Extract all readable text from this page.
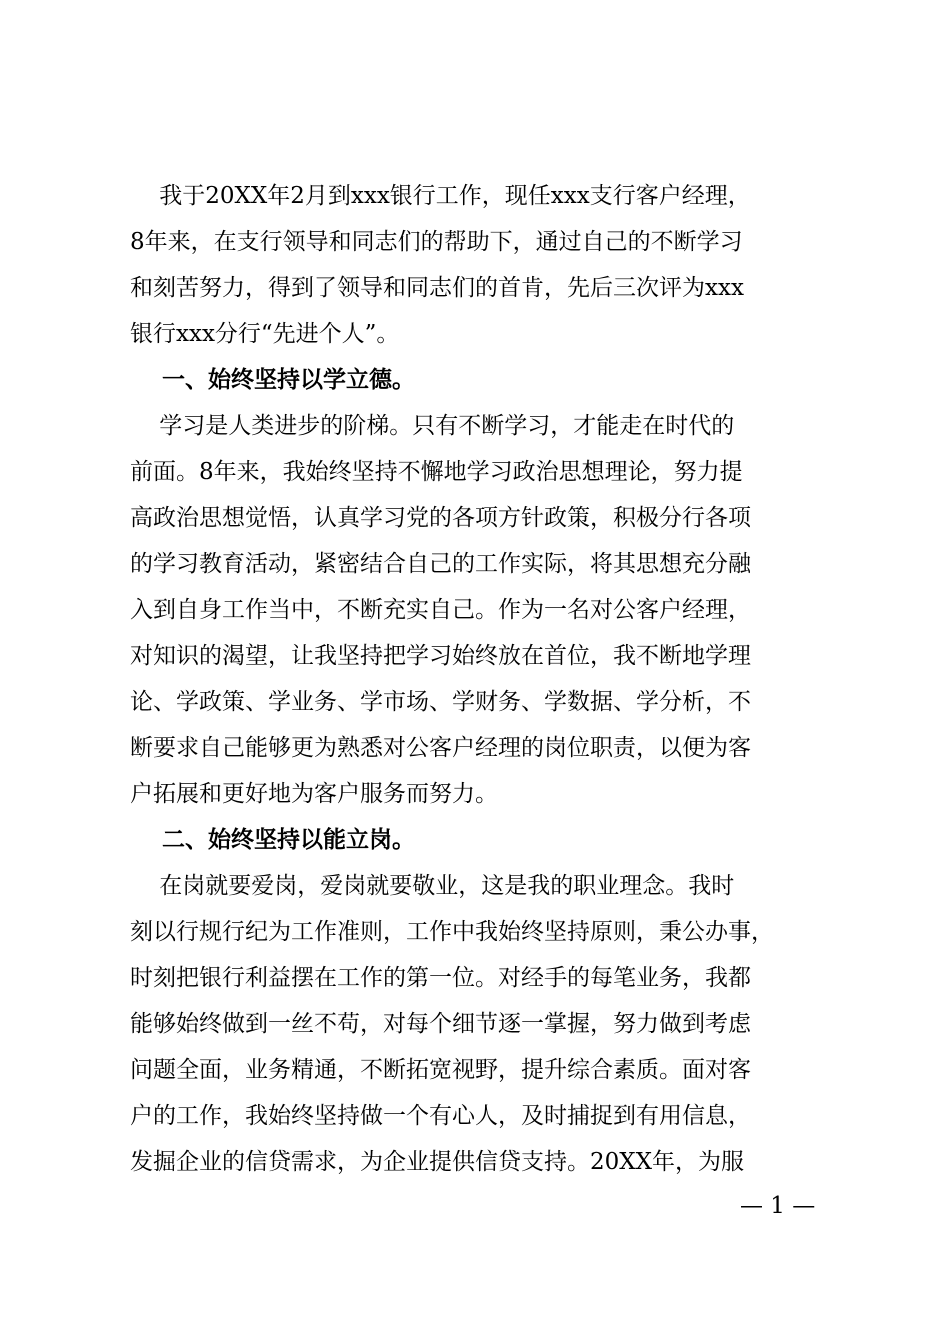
我于20XX年2月到xxx银行工作，现任xxx支行客户经理，
8年来，在支行领导和同志们的帮助下，通过自己的不断学习
和刻苦努力，得到了领导和同志们的首肯，先后三次评为xxx
银行xxx分行“先进个人”。
一、始终坚持以学立德。
学习是人类进步的阶梯。只有不断学习，才能走在时代的
前面。8年来，我始终坚持不懈地学习政治思想理论，努力提
高政治思想觉悟，认真学习党的各项方针政策，积极分行各项
的学习教育活动，紧密结合自己的工作实际，将其思想充分融
入到自身工作当中，不断充实自己。作为一名对公客户经理，
对知识的渴望，让我坚持把学习始终放在首位，我不断地学理
论、学政策、学业务、学市场、学财务、学数据、学分析，不
断要求自己能够更为熟悉对公客户经理的岗位职责，以便为客
户拓展和更好地为客户服务而努力。
二、始终坚持以能立岗。
在岗就要爱岗，爱岗就要敬业，这是我的职业理念。我时
刻以行规行纪为工作准则，工作中我始终坚持原则，秉公办事，
时刻把银行利益摆在工作的第一位。对经手的每笔业务，我都
能够始终做到一丝不苟，对每个细节逐一掌握，努力做到考虑
问题全面，业务精通，不断拓宽视野，提升综合素质。面对客
户的工作，我始终坚持做一个有心人，及时捕捉到有用信息，
发掘企业的信贷需求，为企业提供信贷支持。20XX年，为服
— 1 —
